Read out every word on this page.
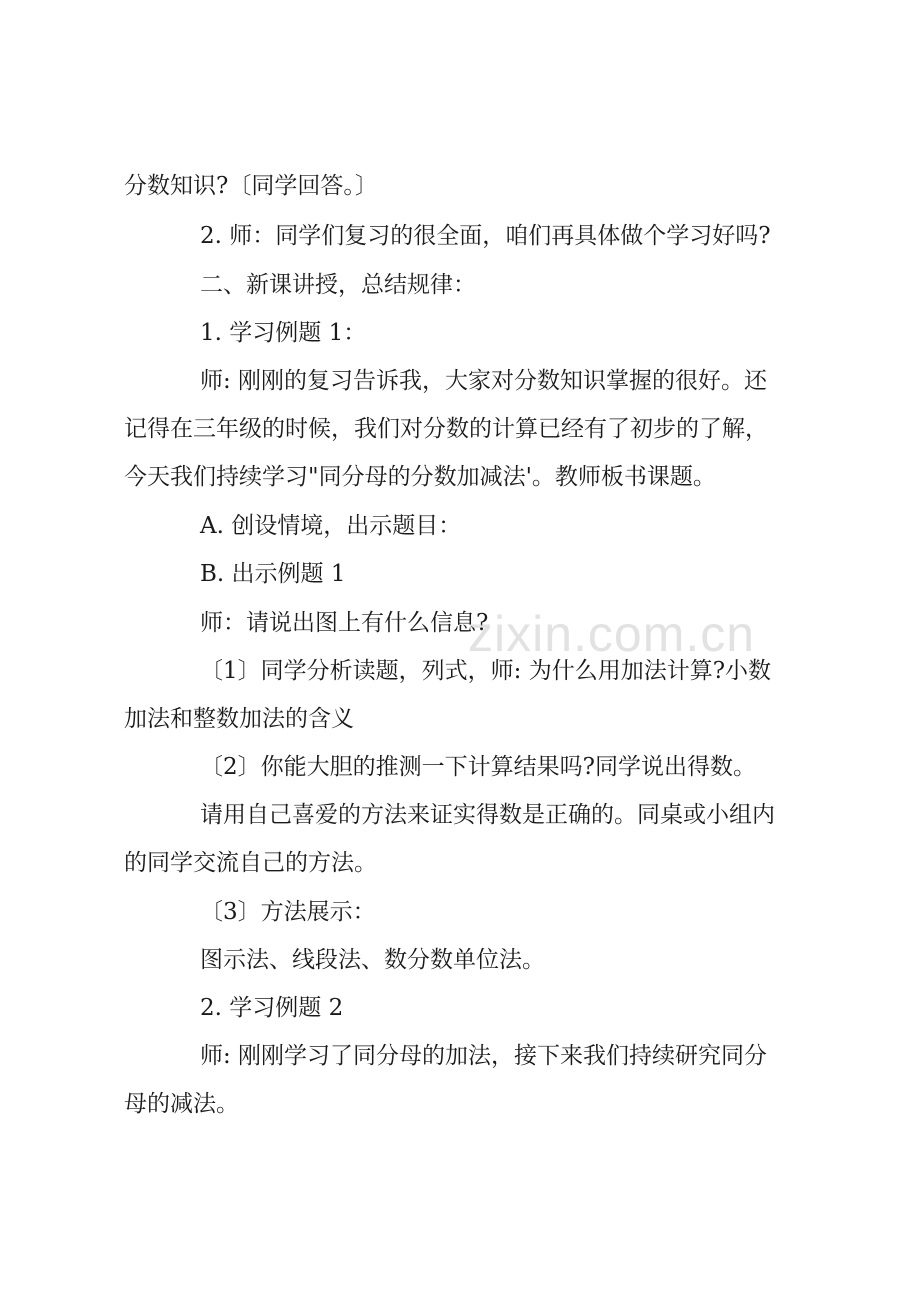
分数知识?〔同学回答。〕
2. 师：同学们复习的很全面，咱们再具体做个学习好吗?
二、新课讲授，总结规律：
1. 学习例题 1：
师: 刚刚的复习告诉我，大家对分数知识掌握的很好。还
记得在三年级的时候，我们对分数的计算已经有了初步的了解，
今天我们持续学习"同分母的分数加减法'。教师板书课题。
A. 创设情境，出示题目：
B. 出示例题 1
师：请说出图上有什么信息?
〔1〕同学分析读题，列式，师: 为什么用加法计算?小数
加法和整数加法的含义
〔2〕你能大胆的推测一下计算结果吗?同学说出得数。
请用自己喜爱的方法来证实得数是正确的。同桌或小组内
的同学交流自己的方法。
〔3〕方法展示：
图示法、线段法、数分数单位法。
2. 学习例题 2
师: 刚刚学习了同分母的加法，接下来我们持续研究同分
母的减法。
zixin.com.cn
